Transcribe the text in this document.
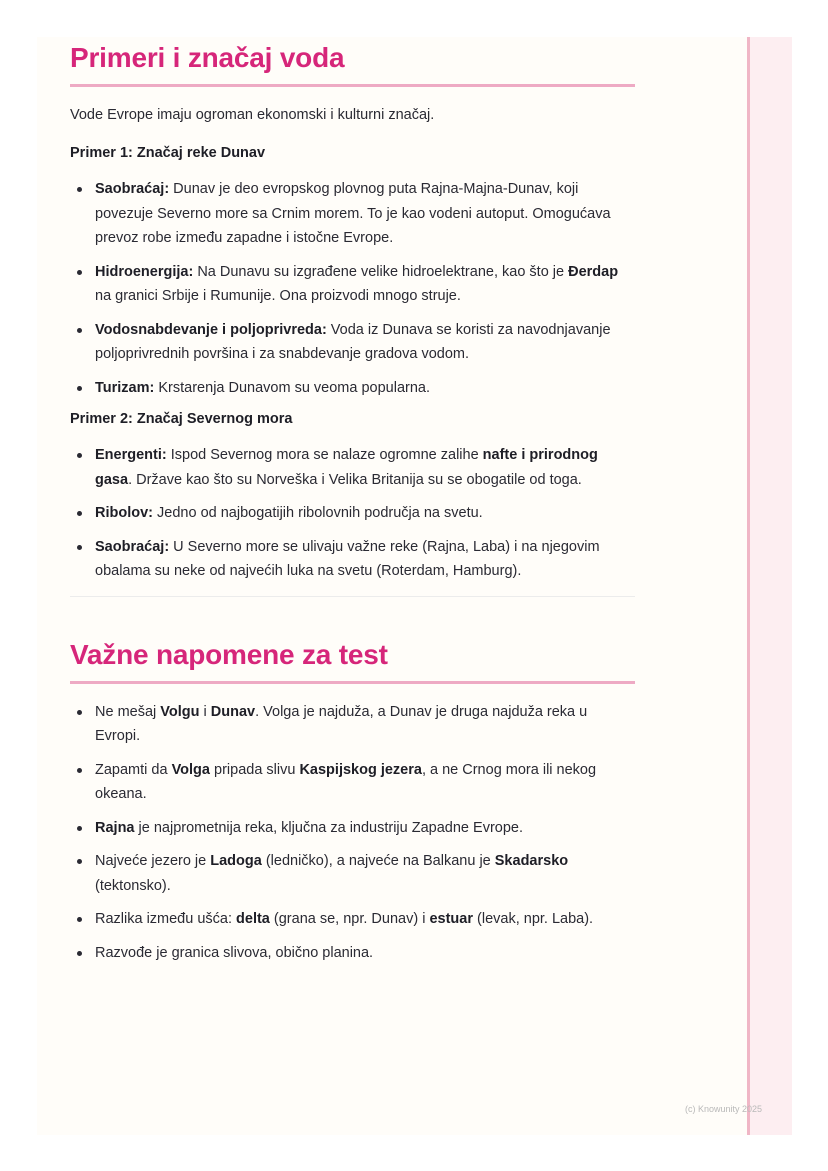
Primeri i značaj voda

Vode Evrope imaju ogroman ekonomski i kulturni značaj.

Primer 1: Značaj reke Dunav
Saobraćaj: Dunav je deo evropskog plovnog puta Rajna-Majna-Dunav, koji povezuje Severno more sa Crnim morem. To je kao vodeni autoput. Omogućava prevoz robe između zapadne i istočne Evrope.
Hidroenergija: Na Dunavu su izgrađene velike hidroelektrane, kao što je Đerdap na granici Srbije i Rumunije. Ona proizvodi mnogo struje.
Vodosnabdevanje i poljoprivreda: Voda iz Dunava se koristi za navodnjavanje poljoprivrednih površina i za snabdevanje gradova vodom.
Turizam: Krstarenja Dunavom su veoma popularna.
Primer 2: Značaj Severnog mora
Energenti: Ispod Severnog mora se nalaze ogromne zalihe nafte i prirodnog gasa. Države kao što su Norveška i Velika Britanija su se obogatile od toga.
Ribolov: Jedno od najbogatijih ribolovnih područja na svetu.
Saobraćaj: U Severno more se ulivaju važne reke (Rajna, Laba) i na njegovim obalama su neke od najvećih luka na svetu (Roterdam, Hamburg).
Važne napomene za test
Ne mešaj Volgu i Dunav. Volga je najduža, a Dunav je druga najduža reka u Evropi.
Zapamti da Volga pripada slivu Kaspijskog jezera, a ne Crnog mora ili nekog okeana.
Rajna je najprometnija reka, ključna za industriju Zapadne Evrope.
Najveće jezero je Ladoga (ledničko), a najveće na Balkanu je Skadarsko (tektonsko).
Razlika između ušća: delta (grana se, npr. Dunav) i estuar (levak, npr. Laba).
Razvođe je granica slivova, obično planina.
(c) Knowunity 2025
